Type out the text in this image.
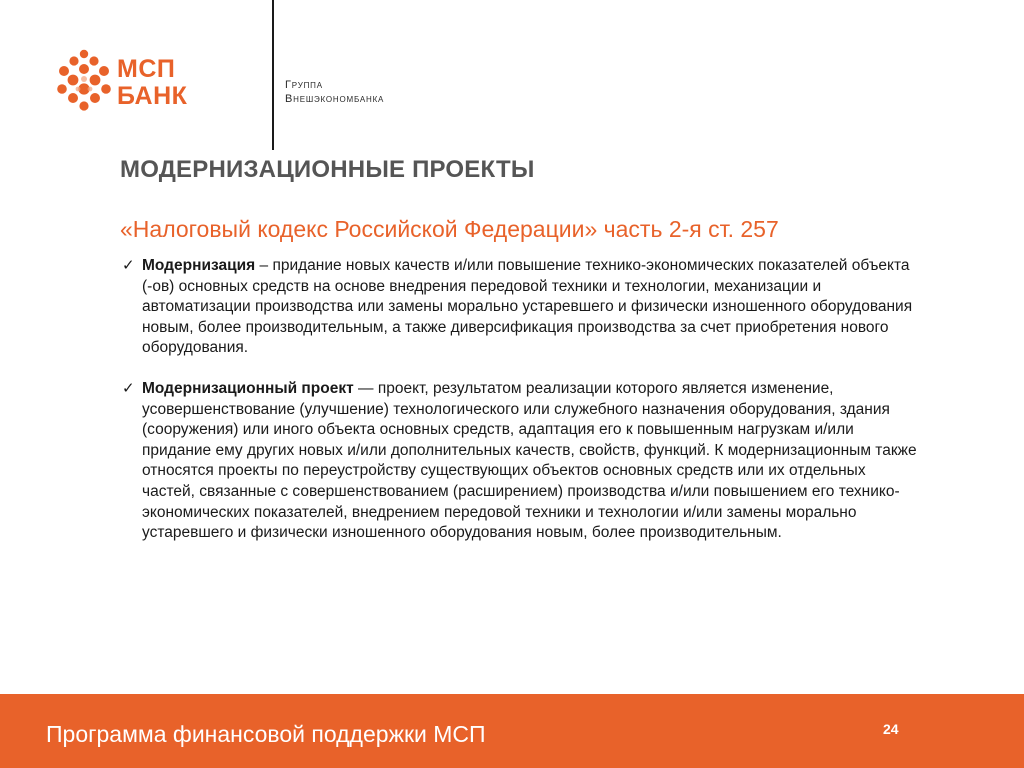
МСП
БАНК	Группа
Внешэкономбанка
МОДЕРНИЗАЦИОННЫЕ ПРОЕКТЫ
«Налоговый кодекс Российской Федерации» часть 2-я ст. 257
✓ Модернизация – придание новых качеств и/или повышение технико-экономических показателей объекта (-ов) основных средств на основе внедрения передовой техники и технологии, механизации и автоматизации производства или замены морально устаревшего и физически изношенного оборудования новым, более производительным, а также диверсификация производства за счет приобретения нового оборудования.
✓ Модернизационный проект — проект, результатом реализации которого является изменение, усовершенствование (улучшение) технологического или служебного назначения оборудования, здания (сооружения) или иного объекта основных средств, адаптация его к повышенным нагрузкам и/или придание ему других новых и/или дополнительных качеств, свойств, функций. К модернизационным также относятся проекты по переустройству существующих объектов основных средств или их отдельных частей, связанные с совершенствованием (расширением) производства и/или повышением его технико-экономических показателей, внедрением передовой техники и технологии и/или замены морально устаревшего и физически изношенного оборудования новым, более производительным.
Программа финансовой поддержки МСП	24
